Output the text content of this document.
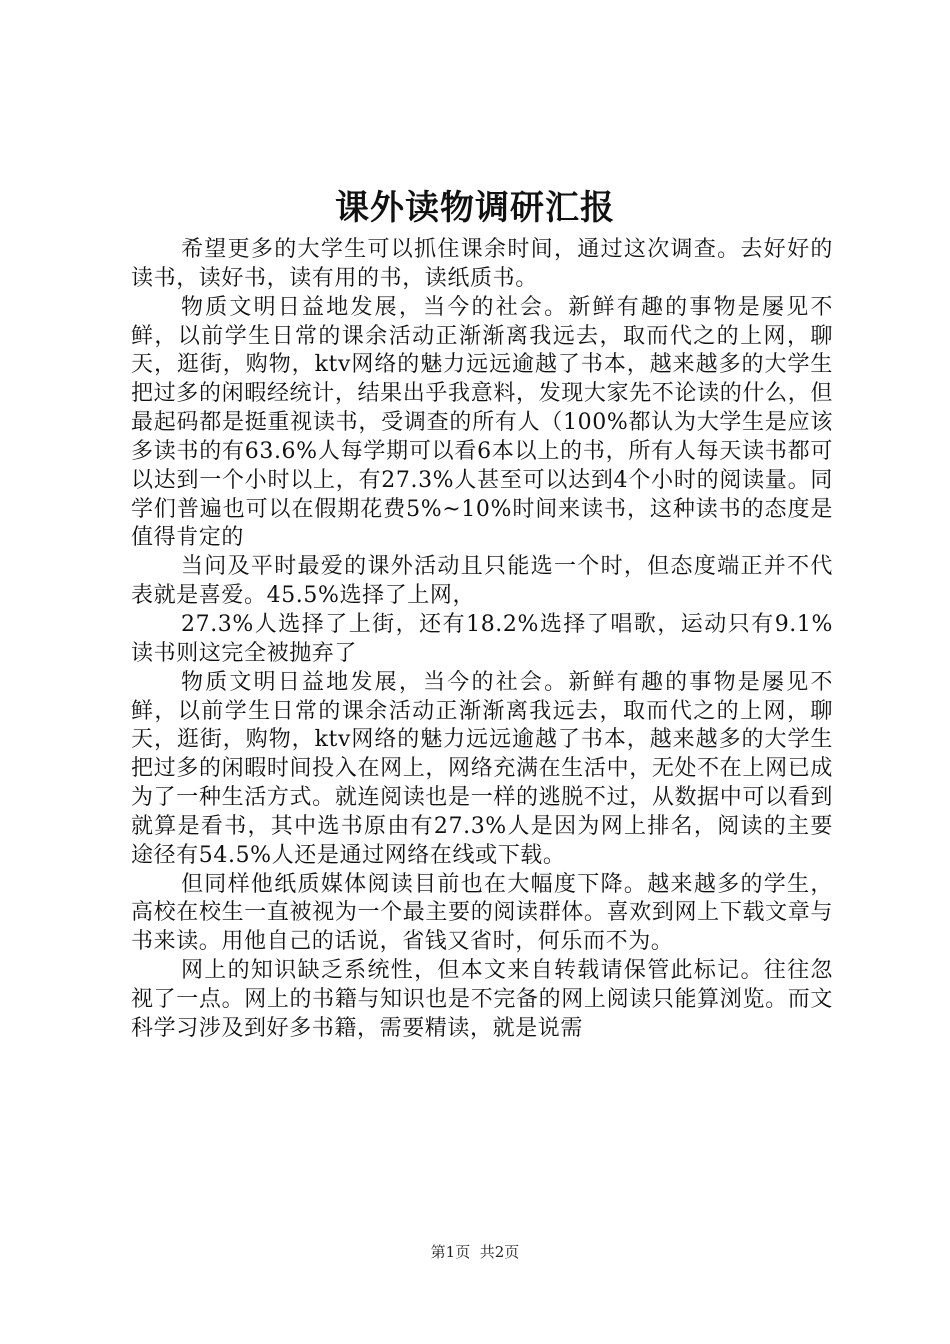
课外读物调研汇报

希望更多的大学生可以抓住课余时间，通过这次调查。去好好的读书，读好书，读有用的书，读纸质书。

物质文明日益地发展，当今的社会。新鲜有趣的事物是屡见不鲜，以前学生日常的课余活动正渐渐离我远去，取而代之的上网，聊天，逛街，购物，ktv网络的魅力远远逾越了书本，越来越多的大学生把过多的闲暇经统计，结果出乎我意料，发现大家先不论读的什么，但最起码都是挺重视读书，受调查的所有人（100%都认为大学生是应该多读书的有63.6%人每学期可以看6本以上的书，所有人每天读书都可以达到一个小时以上，有27.3%人甚至可以达到4个小时的阅读量。同学们普遍也可以在假期花费5%~10%时间来读书，这种读书的态度是值得肯定的

当问及平时最爱的课外活动且只能选一个时，但态度端正并不代表就是喜爱。45.5%选择了上网，

27.3%人选择了上街，还有18.2%选择了唱歌，运动只有9.1%读书则这完全被抛弃了

物质文明日益地发展，当今的社会。新鲜有趣的事物是屡见不鲜，以前学生日常的课余活动正渐渐离我远去，取而代之的上网，聊天，逛街，购物，ktv网络的魅力远远逾越了书本，越来越多的大学生把过多的闲暇时间投入在网上，网络充满在生活中，无处不在上网已成为了一种生活方式。就连阅读也是一样的逃脱不过，从数据中可以看到就算是看书，其中选书原由有27.3%人是因为网上排名，阅读的主要途径有54.5%人还是通过网络在线或下载。

但同样他纸质媒体阅读目前也在大幅度下降。越来越多的学生，高校在校生一直被视为一个最主要的阅读群体。喜欢到网上下载文章与书来读。用他自己的话说，省钱又省时，何乐而不为。

网上的知识缺乏系统性，但本文来自转载请保管此标记。往往忽视了一点。网上的书籍与知识也是不完备的网上阅读只能算浏览。而文科学习涉及到好多书籍，需要精读，就是说需

第1页 共2页
